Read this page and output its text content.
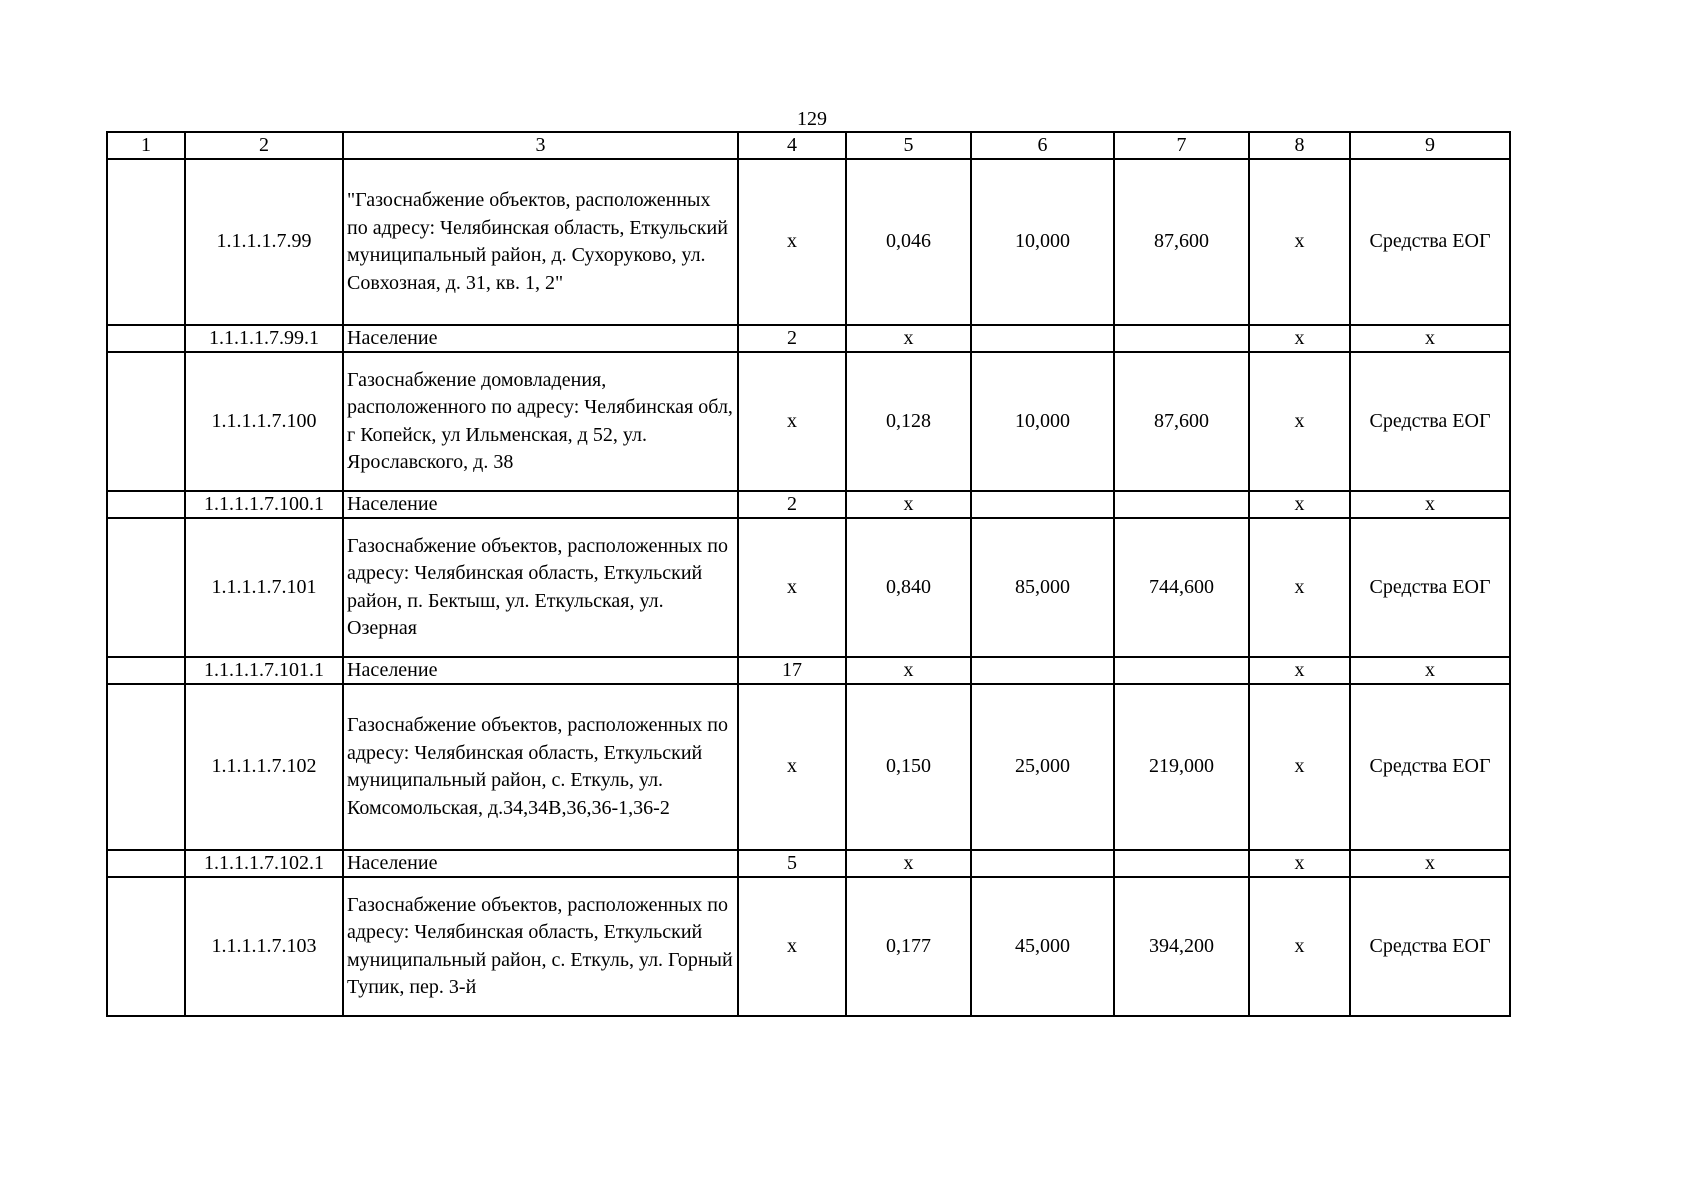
129
1	2	3	4	5	6	7	8	9
	1.1.1.1.7.99	"Газоснабжение объектов, расположенных по адресу: Челябинская область, Еткульский муниципальный район, д. Сухоруково, ул. Совхозная, д. 31, кв. 1, 2"	х	0,046	10,000	87,600	х	Средства ЕОГ
	1.1.1.1.7.99.1	Население	2	х			х	х
	1.1.1.1.7.100	Газоснабжение домовладения, расположенного по адресу: Челябинская обл, г Копейск, ул Ильменская, д 52, ул. Ярославского, д. 38	х	0,128	10,000	87,600	х	Средства ЕОГ
	1.1.1.1.7.100.1	Население	2	х			х	х
	1.1.1.1.7.101	Газоснабжение объектов, расположенных по адресу: Челябинская область, Еткульский район, п. Бектыш, ул. Еткульская, ул. Озерная	х	0,840	85,000	744,600	х	Средства ЕОГ
	1.1.1.1.7.101.1	Население	17	х			х	х
	1.1.1.1.7.102	Газоснабжение объектов, расположенных по адресу: Челябинская область, Еткульский муниципальный район, с. Еткуль, ул. Комсомольская, д.34,34В,36,36-1,36-2	х	0,150	25,000	219,000	х	Средства ЕОГ
	1.1.1.1.7.102.1	Население	5	х			х	х
	1.1.1.1.7.103	Газоснабжение объектов, расположенных по адресу: Челябинская область, Еткульский муниципальный район, с. Еткуль, ул. Горный Тупик, пер. 3-й	х	0,177	45,000	394,200	х	Средства ЕОГ
